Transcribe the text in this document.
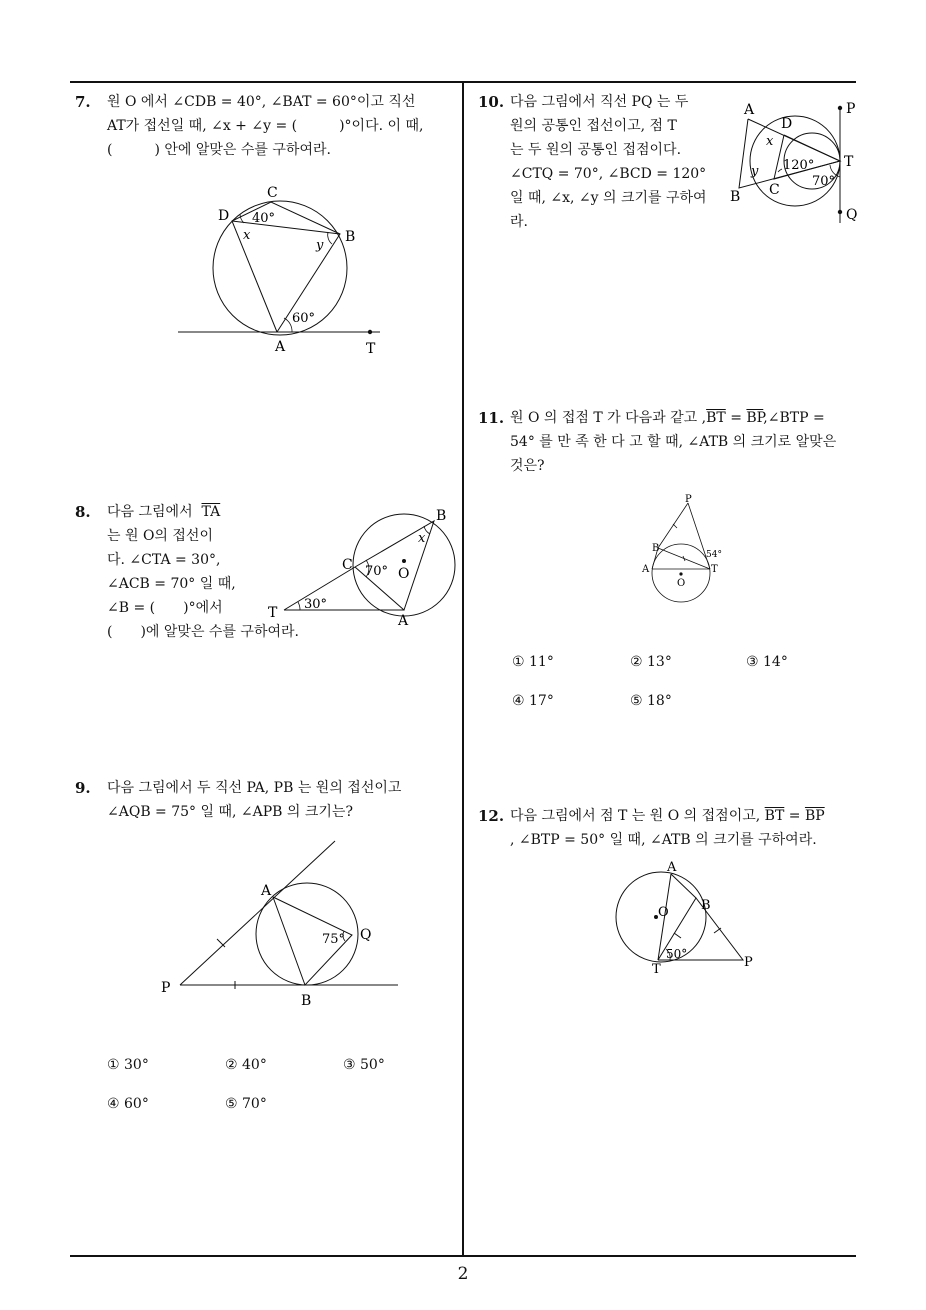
7. 원 O 에서 ∠CDB = 40°, ∠BAT = 60°이고 직선

AT가 접선일 때, ∠x + ∠y = (　　　)°이다. 이 때,

(　　　) 안에 알맞은 수를 구하여라.

C
D 40°
x
y
B
60°
A	T
8. 다음 그림에서 $\overline{TA}$

는 원 O의 접선이

다. ∠CTA = 30°,

∠ACB = 70° 일 때,

∠B = (　　)°에서

(　　)에 알맞은 수를 구하여라.

B
x
C 70° O
30°
T	A
9. 다음 그림에서 두 직선 PA, PB 는 원의 접선이고

∠AQB = 75° 일 때, ∠APB 의 크기는?

A
75° Q
P
B
① 30°	② 40°	③ 50°
④ 60°	⑤ 70°
10. 다음 그림에서 직선 PQ 는 두

원의 공통인 접선이고, 점 T

는 두 원의 공통인 접점이다.

∠CTQ = 70°, ∠BCD = 120°

일 때, ∠x, ∠y 의 크기를 구하여

라.

A
D
P
x
120° T
y
70°
C
B
Q
11. 원 O 의 접점 T 가 다음과 같고 $,\overline{BT}$ = $\overline{BP},\angle BTP$ =

54° 를 만 족 한 다 고 할 때, ∠ATB 의 크기로 알맞은

것은?

P
B
54°
A	T
O
① 11°	② 13°	③ 14°
④ 17°	⑤ 18°
12. 다음 그림에서 점 T 는 원 O 의 접점이고, $\overline{BT} = \overline{BP}$

, ∠BTP = 50° 일 때, ∠ATB 의 크기를 구하여라.

A
B
O
50°
T	P
2
